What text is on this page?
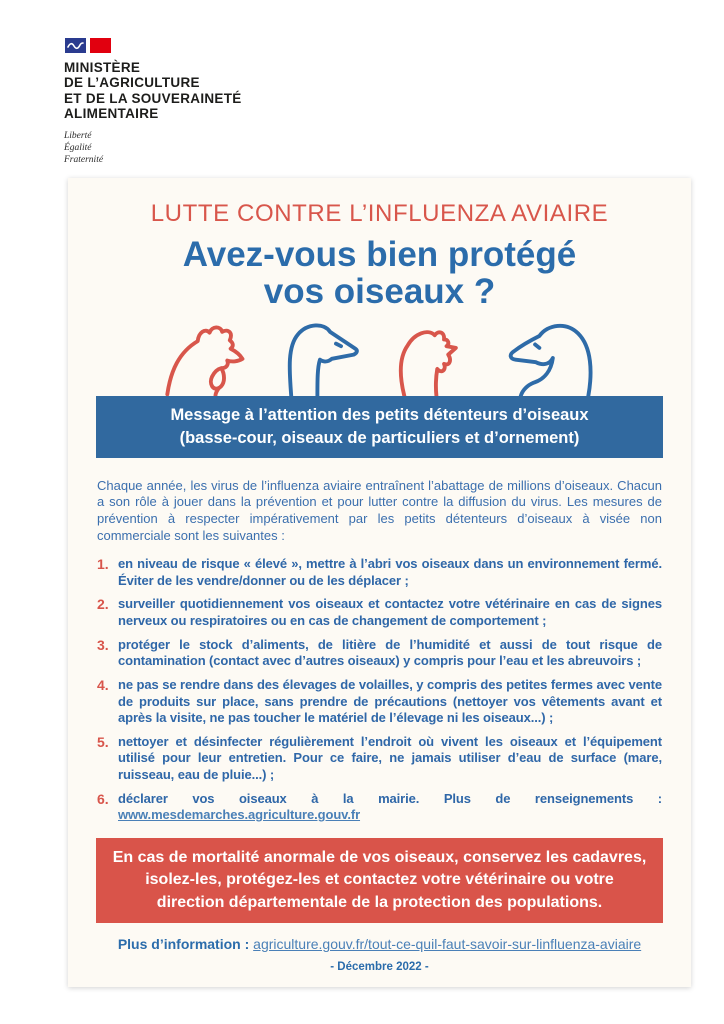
MINISTÈRE
DE L’AGRICULTURE
ET DE LA SOUVERAINETÉ
ALIMENTAIRE
Liberté
Égalité
Fraternité
LUTTE CONTRE L’INFLUENZA AVIAIRE
Avez-vous bien protégé
vos oiseaux ?
Message à l’attention des petits détenteurs d’oiseaux
(basse-cour, oiseaux de particuliers et d’ornement)
Chaque année, les virus de l’influenza aviaire entraînent l’abattage de millions d’oiseaux. Chacun a son rôle à jouer dans la prévention et pour lutter contre la diffusion du virus. Les mesures de prévention à respecter impérativement par les petits détenteurs d’oiseaux à visée non commerciale sont les suivantes :
1. en niveau de risque « élevé », mettre à l’abri vos oiseaux dans un environnement fermé. Éviter de les vendre/donner ou de les déplacer ;
2. surveiller quotidiennement vos oiseaux et contactez votre vétérinaire en cas de signes nerveux ou respiratoires ou en cas de changement de comportement ;
3. protéger le stock d’aliments, de litière de l’humidité et aussi de tout risque de contamination (contact avec d’autres oiseaux) y compris pour l’eau et les abreuvoirs ;
4. ne pas se rendre dans des élevages de volailles, y compris des petites fermes avec vente de produits sur place, sans prendre de précautions (nettoyer vos vêtements avant et après la visite, ne pas toucher le matériel de l’élevage ni les oiseaux...) ;
5. nettoyer et désinfecter régulièrement l’endroit où vivent les oiseaux et l’équipement utilisé pour leur entretien. Pour ce faire, ne jamais utiliser d’eau de surface (mare, ruisseau, eau de pluie...) ;
6. déclarer vos oiseaux à la mairie. Plus de renseignements : www.mesdemarches.agriculture.gouv.fr
En cas de mortalité anormale de vos oiseaux, conservez les cadavres, isolez-les, protégez-les et contactez votre vétérinaire ou votre direction départementale de la protection des populations.
Plus d’information : agriculture.gouv.fr/tout-ce-quil-faut-savoir-sur-linfluenza-aviaire
- Décembre 2022 -
